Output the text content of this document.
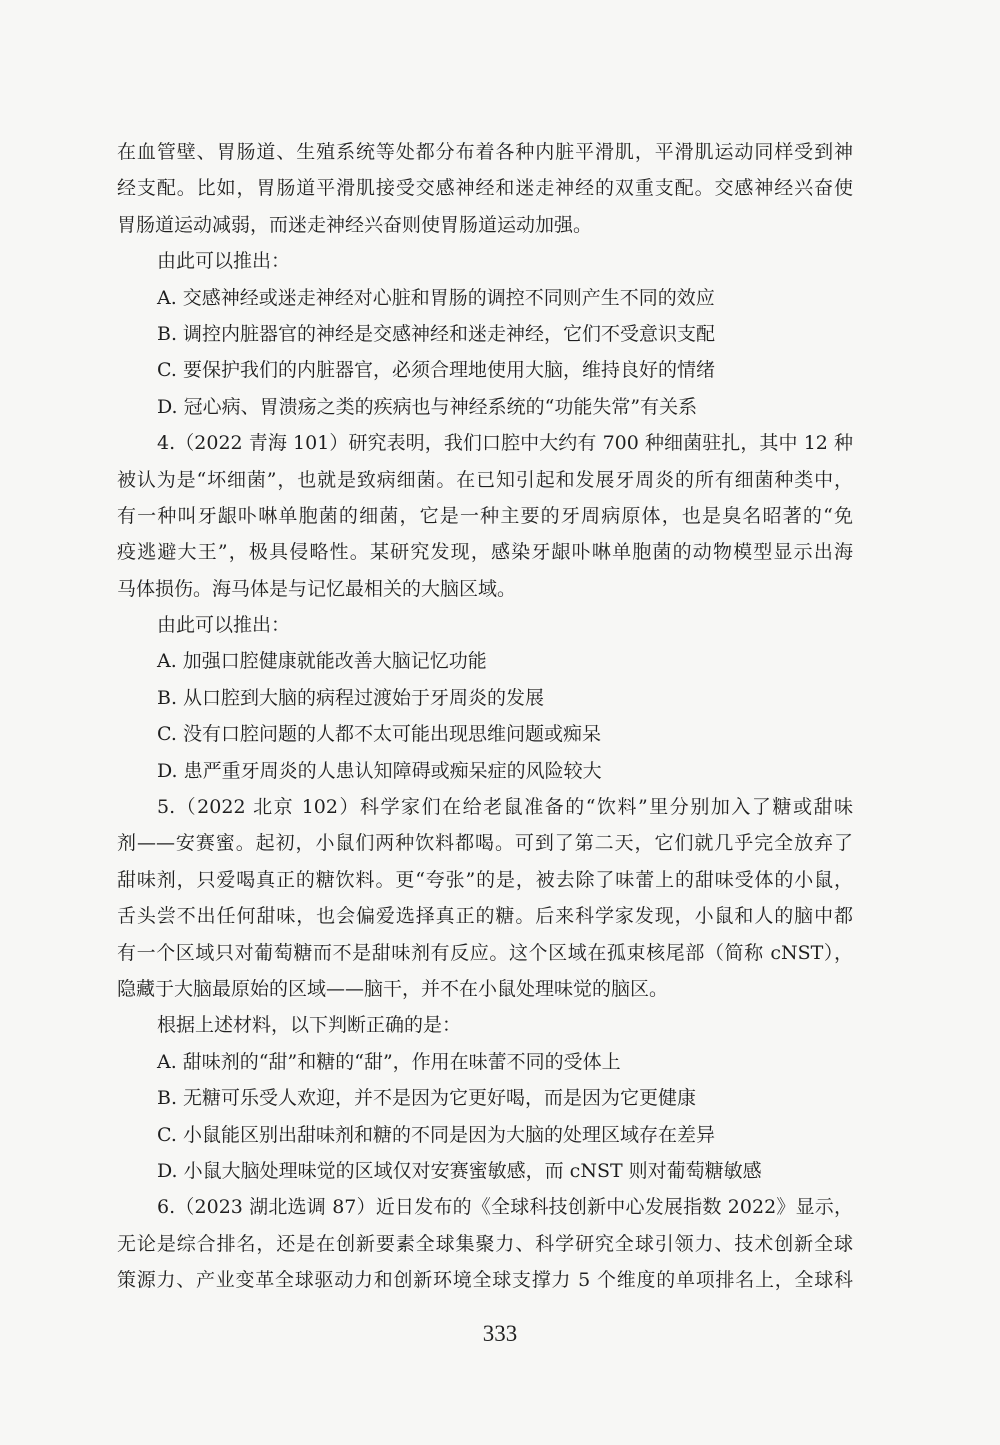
在血管壁、胃肠道、生殖系统等处都分布着各种内脏平滑肌，平滑肌运动同样受到神
经支配。比如，胃肠道平滑肌接受交感神经和迷走神经的双重支配。交感神经兴奋使
胃肠道运动减弱，而迷走神经兴奋则使胃肠道运动加强。
由此可以推出：
A. 交感神经或迷走神经对心脏和胃肠的调控不同则产生不同的效应
B. 调控内脏器官的神经是交感神经和迷走神经，它们不受意识支配
C. 要保护我们的内脏器官，必须合理地使用大脑，维持良好的情绪
D. 冠心病、胃溃疡之类的疾病也与神经系统的“功能失常”有关系
4.（2022 青海 101）研究表明，我们口腔中大约有 700 种细菌驻扎，其中 12 种
被认为是“坏细菌”，也就是致病细菌。在已知引起和发展牙周炎的所有细菌种类中，
有一种叫牙龈卟啉单胞菌的细菌，它是一种主要的牙周病原体，也是臭名昭著的“免
疫逃避大王”，极具侵略性。某研究发现，感染牙龈卟啉单胞菌的动物模型显示出海
马体损伤。海马体是与记忆最相关的大脑区域。
由此可以推出：
A. 加强口腔健康就能改善大脑记忆功能
B. 从口腔到大脑的病程过渡始于牙周炎的发展
C. 没有口腔问题的人都不太可能出现思维问题或痴呆
D. 患严重牙周炎的人患认知障碍或痴呆症的风险较大
5.（2022 北京 102）科学家们在给老鼠准备的“饮料”里分别加入了糖或甜味
剂——安赛蜜。起初，小鼠们两种饮料都喝。可到了第二天，它们就几乎完全放弃了
甜味剂，只爱喝真正的糖饮料。更“夸张”的是，被去除了味蕾上的甜味受体的小鼠，
舌头尝不出任何甜味，也会偏爱选择真正的糖。后来科学家发现，小鼠和人的脑中都
有一个区域只对葡萄糖而不是甜味剂有反应。这个区域在孤束核尾部（简称 cNST），
隐藏于大脑最原始的区域——脑干，并不在小鼠处理味觉的脑区。
根据上述材料，以下判断正确的是：
A. 甜味剂的“甜”和糖的“甜”，作用在味蕾不同的受体上
B. 无糖可乐受人欢迎，并不是因为它更好喝，而是因为它更健康
C. 小鼠能区别出甜味剂和糖的不同是因为大脑的处理区域存在差异
D. 小鼠大脑处理味觉的区域仅对安赛蜜敏感，而 cNST 则对葡萄糖敏感
6.（2023 湖北选调 87）近日发布的《全球科技创新中心发展指数 2022》显示，
无论是综合排名，还是在创新要素全球集聚力、科学研究全球引领力、技术创新全球
策源力、产业变革全球驱动力和创新环境全球支撑力 5 个维度的单项排名上，全球科
333
